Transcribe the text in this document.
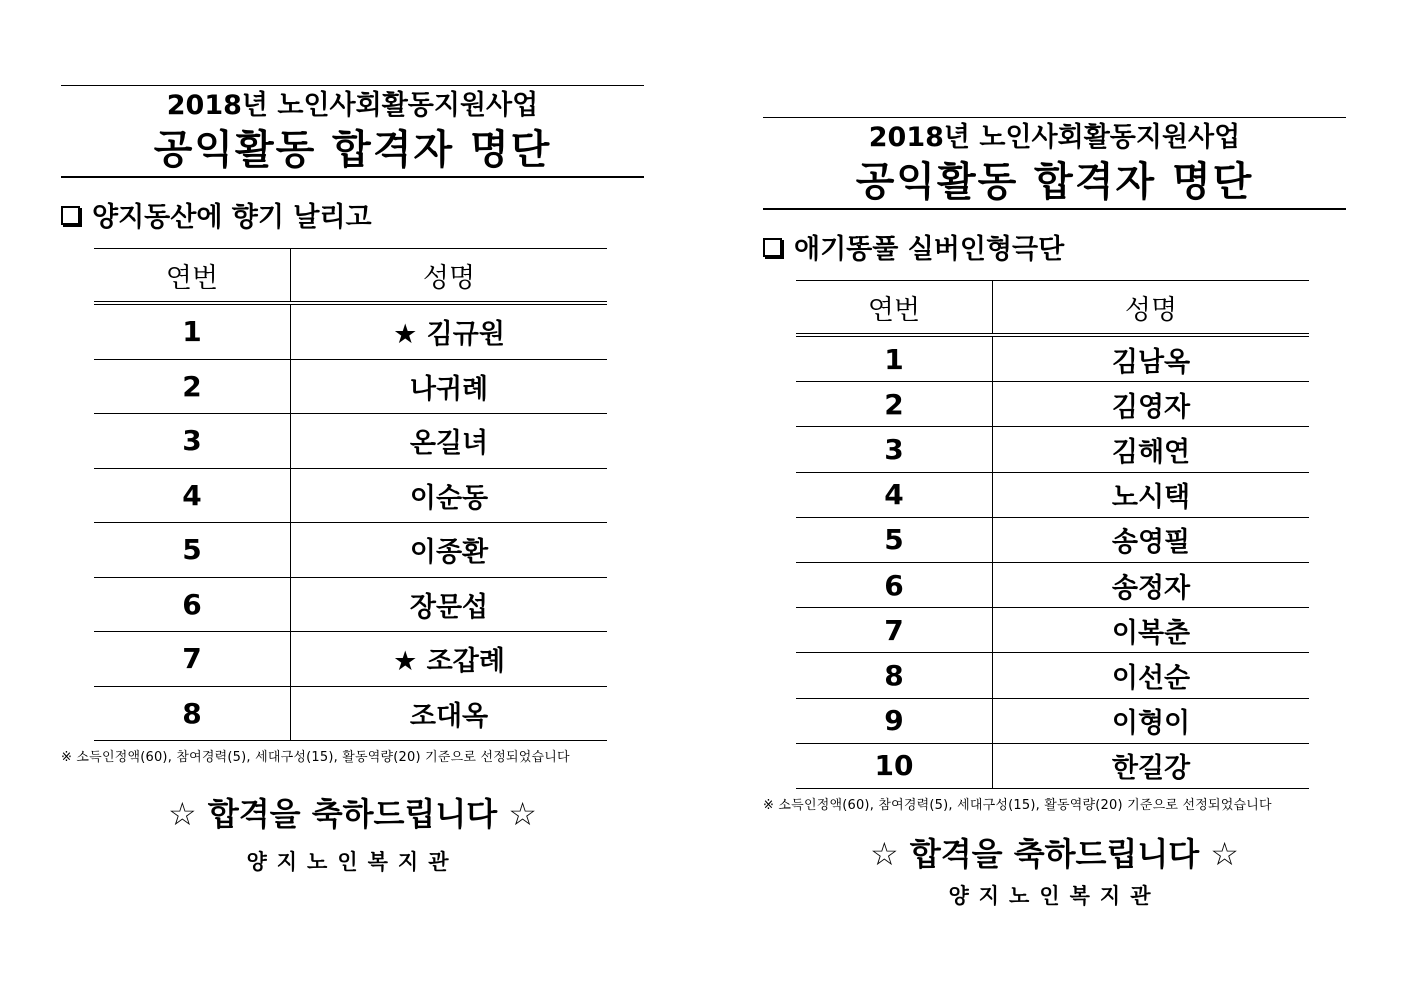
2018년 노인사회활동지원사업
공익활동 합격자 명단
양지동산에 향기 날리고
연번	성명
1	★ 김규원
2	나귀례
3	온길녀
4	이순동
5	이종환
6	장문섭
7	★ 조갑례
8	조대옥
※ 소득인정액(60), 참여경력(5), 세대구성(15), 활동역량(20) 기준으로 선정되었습니다
☆ 합격을 축하드립니다 ☆
양지노인복지관
2018년 노인사회활동지원사업
공익활동 합격자 명단
애기똥풀 실버인형극단
연번	성명
1	김남옥
2	김영자
3	김해연
4	노시택
5	송영필
6	송정자
7	이복춘
8	이선순
9	이형이
10	한길강
※ 소득인정액(60), 참여경력(5), 세대구성(15), 활동역량(20) 기준으로 선정되었습니다
☆ 합격을 축하드립니다 ☆
양지노인복지관
